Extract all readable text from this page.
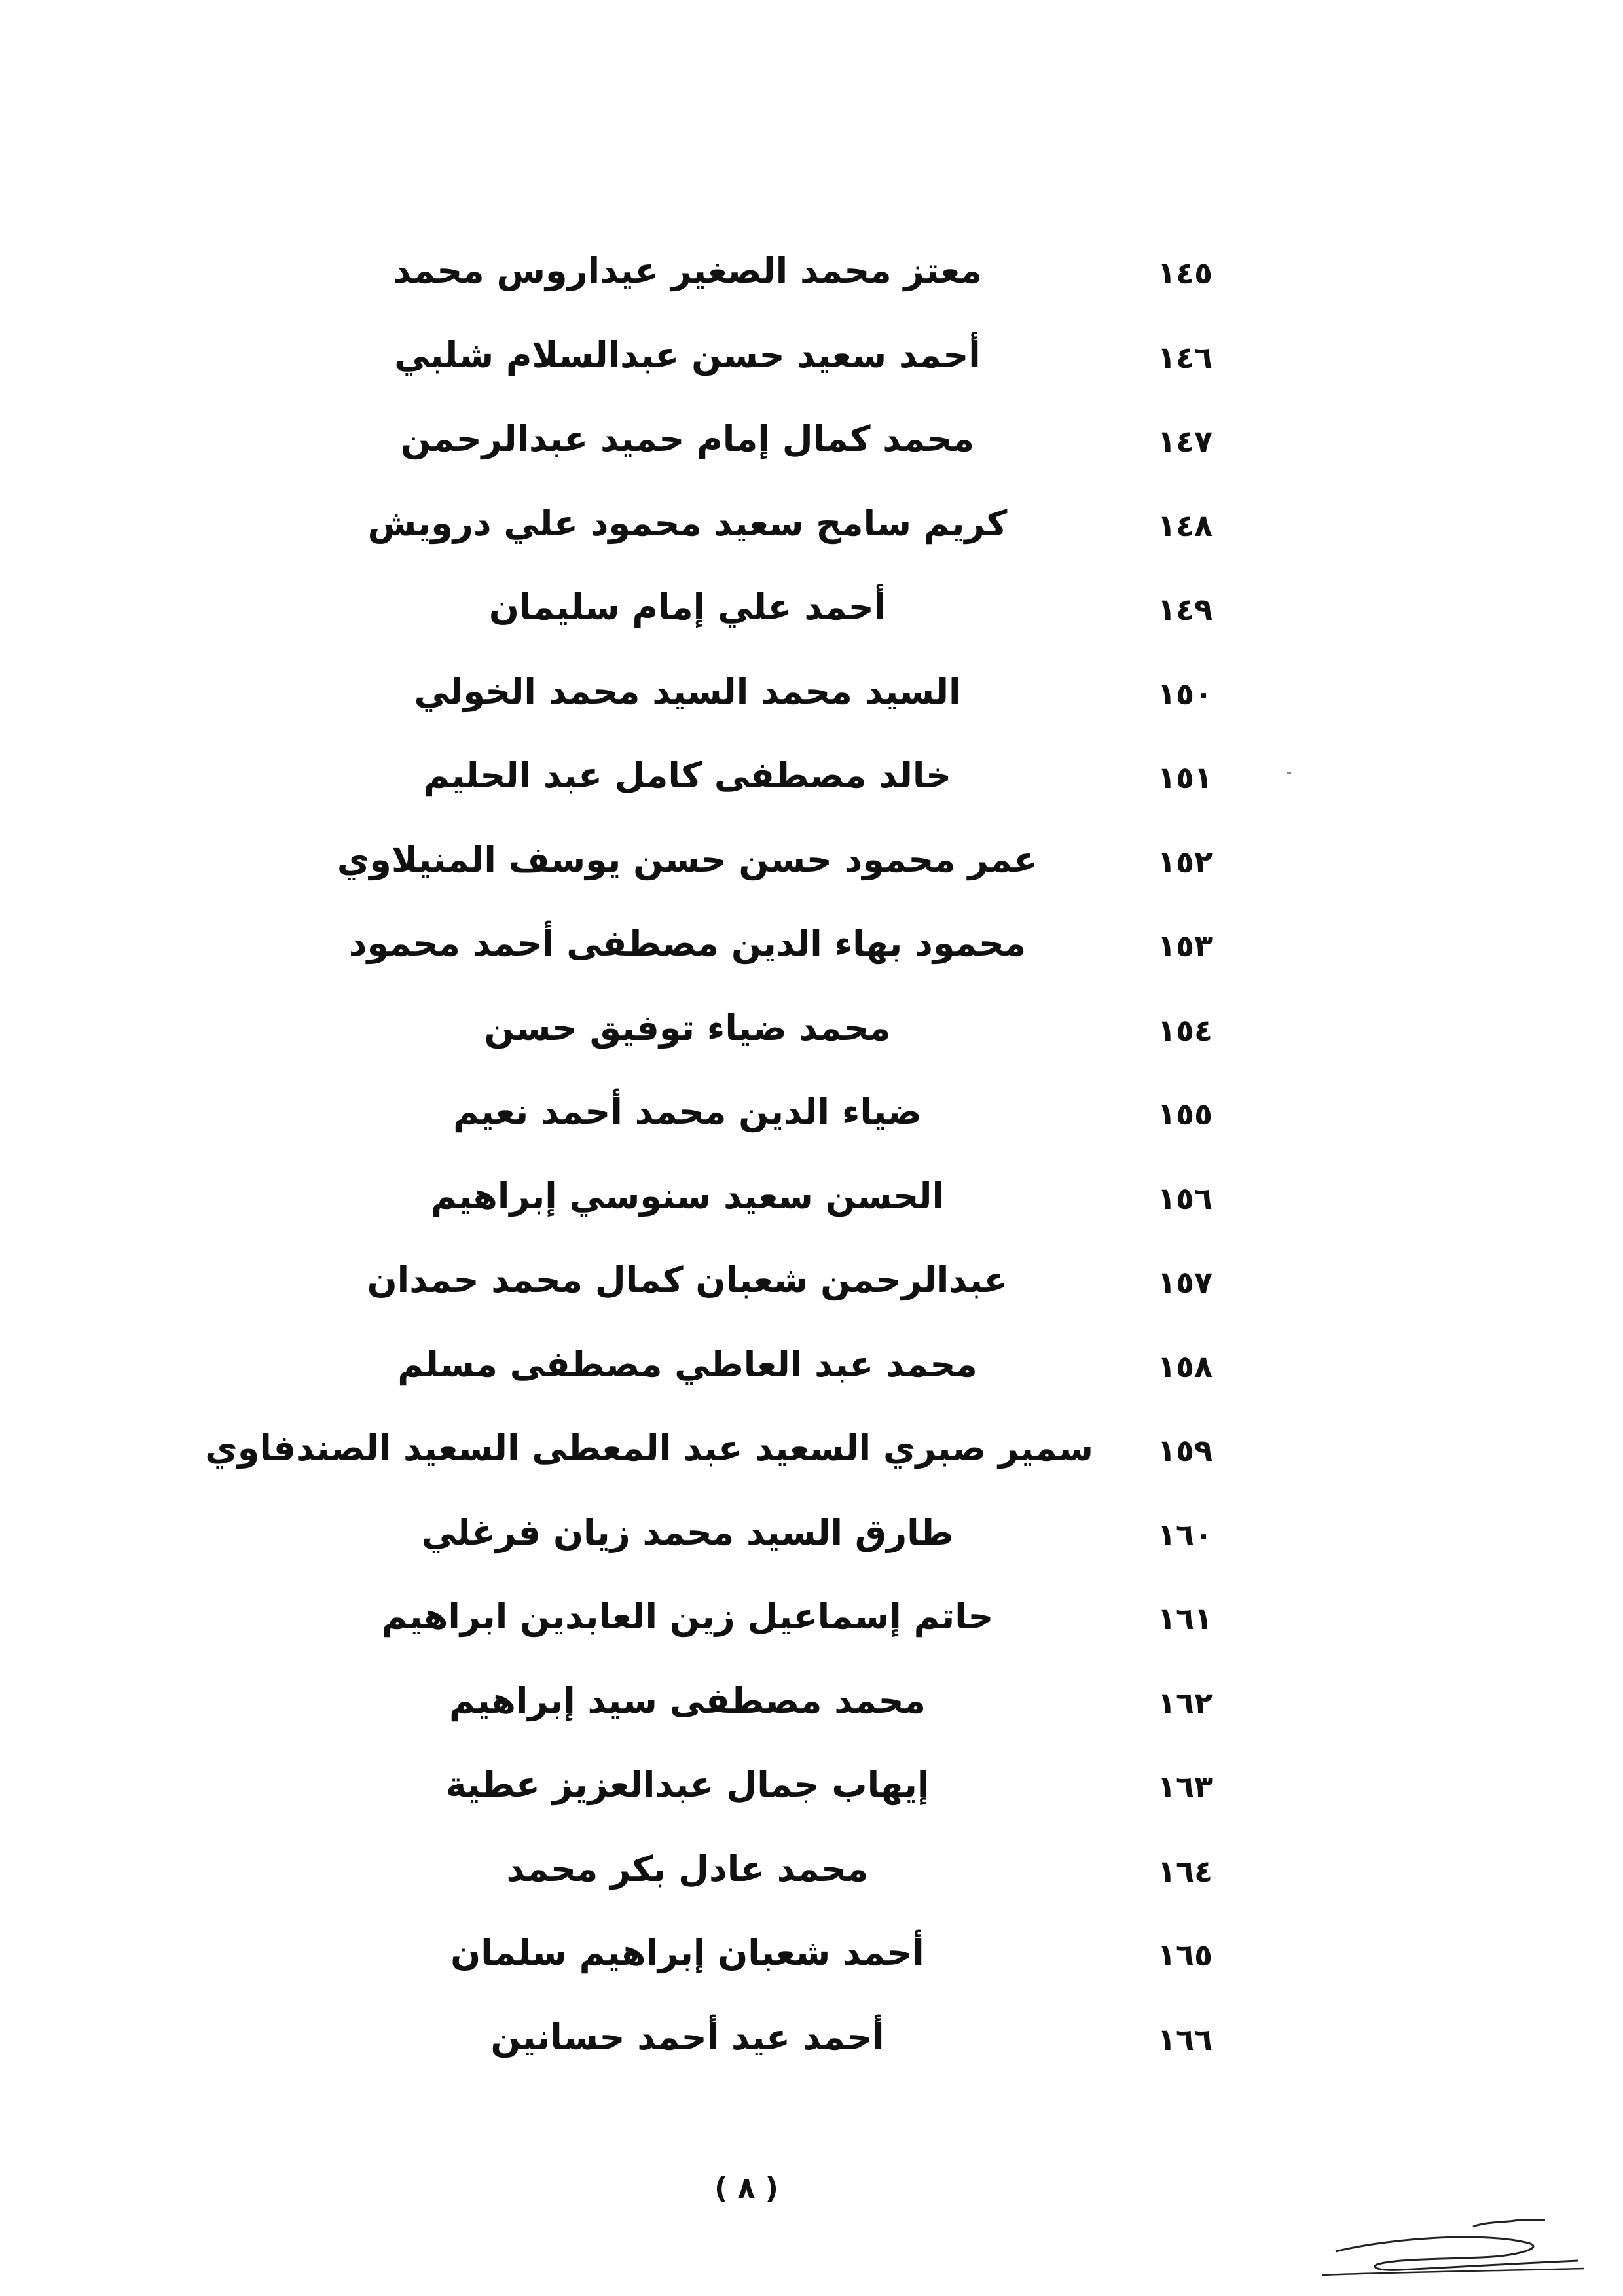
١٤٥
معتز محمد الصغير عيداروس محمد
١٤٦
أحمد سعيد حسن عبدالسلام شلبي
١٤٧
محمد كمال إمام حميد عبدالرحمن
١٤٨
كريم سامح سعيد محمود علي درويش
١٤٩
أحمد علي إمام سليمان
١٥٠
السيد محمد السيد محمد الخولي
١٥١
خالد مصطفى كامل عبد الحليم
١٥٢
عمر محمود حسن حسن يوسف المنيلاوي
١٥٣
محمود بهاء الدين مصطفى أحمد محمود
١٥٤
محمد ضياء توفيق حسن
١٥٥
ضياء الدين محمد أحمد نعيم
١٥٦
الحسن سعيد سنوسي إبراهيم
١٥٧
عبدالرحمن شعبان كمال محمد حمدان
١٥٨
محمد عبد العاطي مصطفى مسلم
١٥٩
سمير صبري السعيد عبد المعطى السعيد الصندفاوي
١٦٠
طارق السيد محمد زيان فرغلي
١٦١
حاتم إسماعيل زين العابدين ابراهيم
١٦٢
محمد مصطفى سيد إبراهيم
١٦٣
إيهاب جمال عبدالعزيز عطية
١٦٤
محمد عادل بكر محمد
١٦٥
أحمد شعبان إبراهيم سلمان
١٦٦
أحمد عيد أحمد حسانين
( ٨ )
